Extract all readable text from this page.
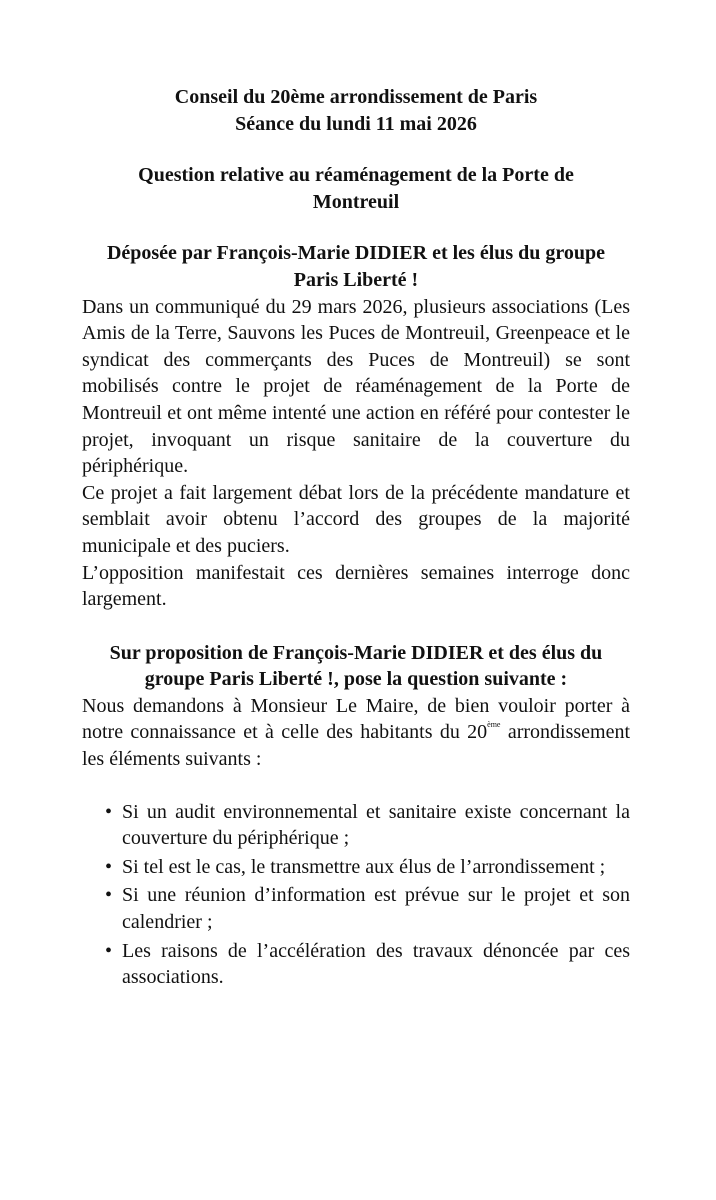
Conseil du 20ème arrondissement de Paris
Séance du lundi 11 mai 2026

Question relative au réaménagement de la Porte de
Montreuil

Déposée par François-Marie DIDIER et les élus du groupe
Paris Liberté !

Dans un communiqué du 29 mars 2026, plusieurs associations (Les Amis de la Terre, Sauvons les Puces de Montreuil, Greenpeace et le syndicat des commerçants des Puces de Montreuil) se sont mobilisés contre le projet de réaménagement de la Porte de Montreuil et ont même intenté une action en référé pour contester le projet, invoquant un risque sanitaire de la couverture du périphérique.

Ce projet a fait largement débat lors de la précédente mandature et semblait avoir obtenu l’accord des groupes de la majorité municipale et des puciers.

L’opposition manifestait ces dernières semaines interroge donc largement.

Sur proposition de François-Marie DIDIER et des élus du
groupe Paris Liberté !, pose la question suivante :

Nous demandons à Monsieur Le Maire, de bien vouloir porter à notre connaissance et à celle des habitants du 20ème arrondissement les éléments suivants :

• Si un audit environnemental et sanitaire existe concernant la couverture du périphérique ;
• Si tel est le cas, le transmettre aux élus de l’arrondissement ;
• Si une réunion d’information est prévue sur le projet et son calendrier ;
• Les raisons de l’accélération des travaux dénoncée par ces associations.
